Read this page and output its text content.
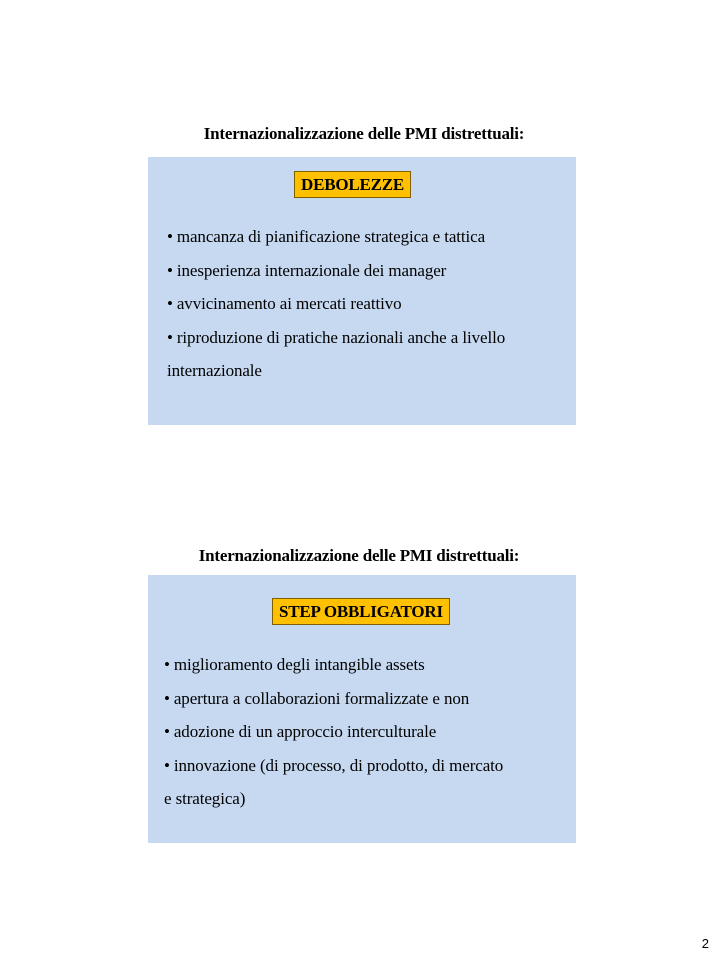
Internazionalizzazione delle PMI distrettuali:
DEBOLEZZE
• mancanza di pianificazione strategica e tattica
• inesperienza internazionale dei manager
• avvicinamento ai mercati reattivo
• riproduzione di pratiche nazionali anche a livello
internazionale
Internazionalizzazione delle PMI distrettuali:
STEP OBBLIGATORI
• miglioramento degli intangible assets
• apertura a collaborazioni formalizzate e non
• adozione di un approccio interculturale
• innovazione (di processo, di prodotto, di mercato
e strategica)
2
